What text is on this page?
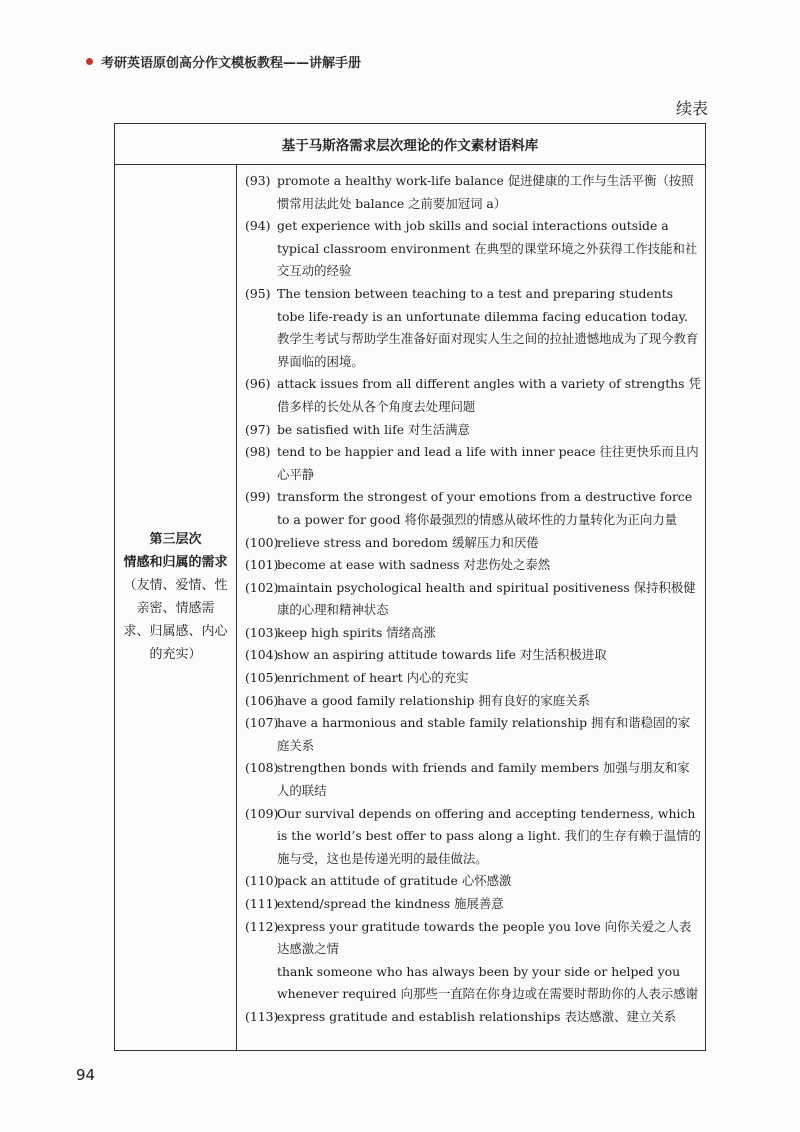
考研英语原创高分作文模板教程——讲解手册
续表
基于马斯洛需求层次理论的作文素材语料库
第三层次
情感和归属的需求
（友情、爱情、性
亲密、情感需
求、归属感、内心
的充实）
(93) promote a healthy work-life balance 促进健康的工作与生活平衡（按照惯常用法此处 balance 之前要加冠词 a）
(94) get experience with job skills and social interactions outside a typical classroom environment 在典型的课堂环境之外获得工作技能和社交互动的经验
(95) The tension between teaching to a test and preparing students tobe life-ready is an unfortunate dilemma facing education today. 教学生考试与帮助学生准备好面对现实人生之间的拉扯遗憾地成为了现今教育界面临的困境。
(96) attack issues from all different angles with a variety of strengths 凭借多样的长处从各个角度去处理问题
(97) be satisfied with life 对生活满意
(98) tend to be happier and lead a life with inner peace 往往更快乐而且内心平静
(99) transform the strongest of your emotions from a destructive force to a power for good 将你最强烈的情感从破坏性的力量转化为正向力量
(100)
relieve stress and boredom 缓解压力和厌倦
(101)
become at ease with sadness 对悲伤处之泰然
(102)
maintain psychological health and spiritual positiveness 保持积极健康的心理和精神状态
(103)
keep high spirits 情绪高涨
(104)
show an aspiring attitude towards life 对生活积极进取
(105)
enrichment of heart 内心的充实
(106)
have a good family relationship 拥有良好的家庭关系
(107)
have a harmonious and stable family relationship 拥有和谐稳固的家庭关系
(108)
strengthen bonds with friends and family members 加强与朋友和家人的联结
(109)
Our survival depends on offering and accepting tenderness, which is the world’s best offer to pass along a light. 我们的生存有赖于温情的施与受，这也是传递光明的最佳做法。
(110)
pack an attitude of gratitude 心怀感激
(111)
extend/spread the kindness 施展善意
(112)
express your gratitude towards the people you love 向你关爱之人表达感激之情
thank someone who has always been by your side or helped you whenever required 向那些一直陪在你身边或在需要时帮助你的人表示感谢
(113)
express gratitude and establish relationships 表达感激、建立关系
94
